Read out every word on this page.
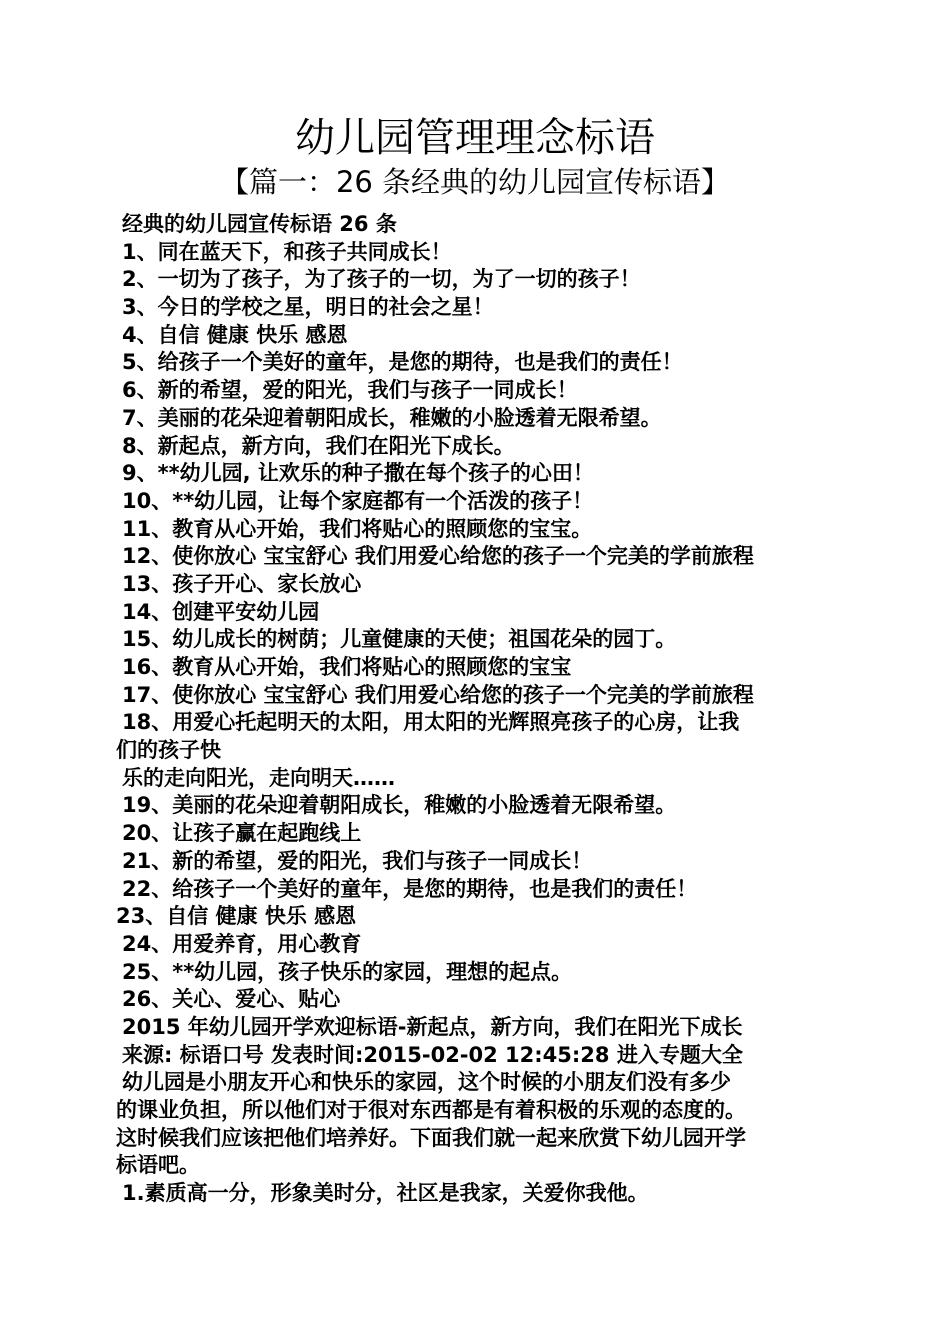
幼儿园管理理念标语
【篇一：26 条经典的幼儿园宣传标语】
经典的幼儿园宣传标语 26 条
1、同在蓝天下，和孩子共同成长！
2、一切为了孩子，为了孩子的一切，为了一切的孩子！
3、今日的学校之星，明日的社会之星！
4、自信 健康 快乐 感恩
5、给孩子一个美好的童年，是您的期待，也是我们的责任！
6、新的希望，爱的阳光，我们与孩子一同成长！
7、美丽的花朵迎着朝阳成长，稚嫩的小脸透着无限希望。
8、新起点，新方向，我们在阳光下成长。
9、**幼儿园, 让欢乐的种子撒在每个孩子的心田！
10、**幼儿园，让每个家庭都有一个活泼的孩子！
11、教育从心开始，我们将贴心的照顾您的宝宝。
12、使你放心 宝宝舒心 我们用爱心给您的孩子一个完美的学前旅程
13、孩子开心、家长放心
14、创建平安幼儿园
15、幼儿成长的树荫；儿童健康的天使；祖国花朵的园丁。
16、教育从心开始，我们将贴心的照顾您的宝宝
17、使你放心 宝宝舒心 我们用爱心给您的孩子一个完美的学前旅程
18、用爱心托起明天的太阳，用太阳的光辉照亮孩子的心房，让我
们的孩子快
乐的走向阳光，走向明天……
19、美丽的花朵迎着朝阳成长，稚嫩的小脸透着无限希望。
20、让孩子赢在起跑线上
21、新的希望，爱的阳光，我们与孩子一同成长！
22、给孩子一个美好的童年，是您的期待，也是我们的责任！
23、自信 健康 快乐 感恩
24、用爱养育，用心教育
25、**幼儿园，孩子快乐的家园，理想的起点。
26、关心、爱心、贴心
2015 年幼儿园开学欢迎标语-新起点，新方向，我们在阳光下成长
来源: 标语口号 发表时间:2015-02-02 12:45:28 进入专题大全
幼儿园是小朋友开心和快乐的家园，这个时候的小朋友们没有多少
的课业负担，所以他们对于很对东西都是有着积极的乐观的态度的。
这时候我们应该把他们培养好。下面我们就一起来欣赏下幼儿园开学
标语吧。
1.素质高一分，形象美时分，社区是我家，关爱你我他。
